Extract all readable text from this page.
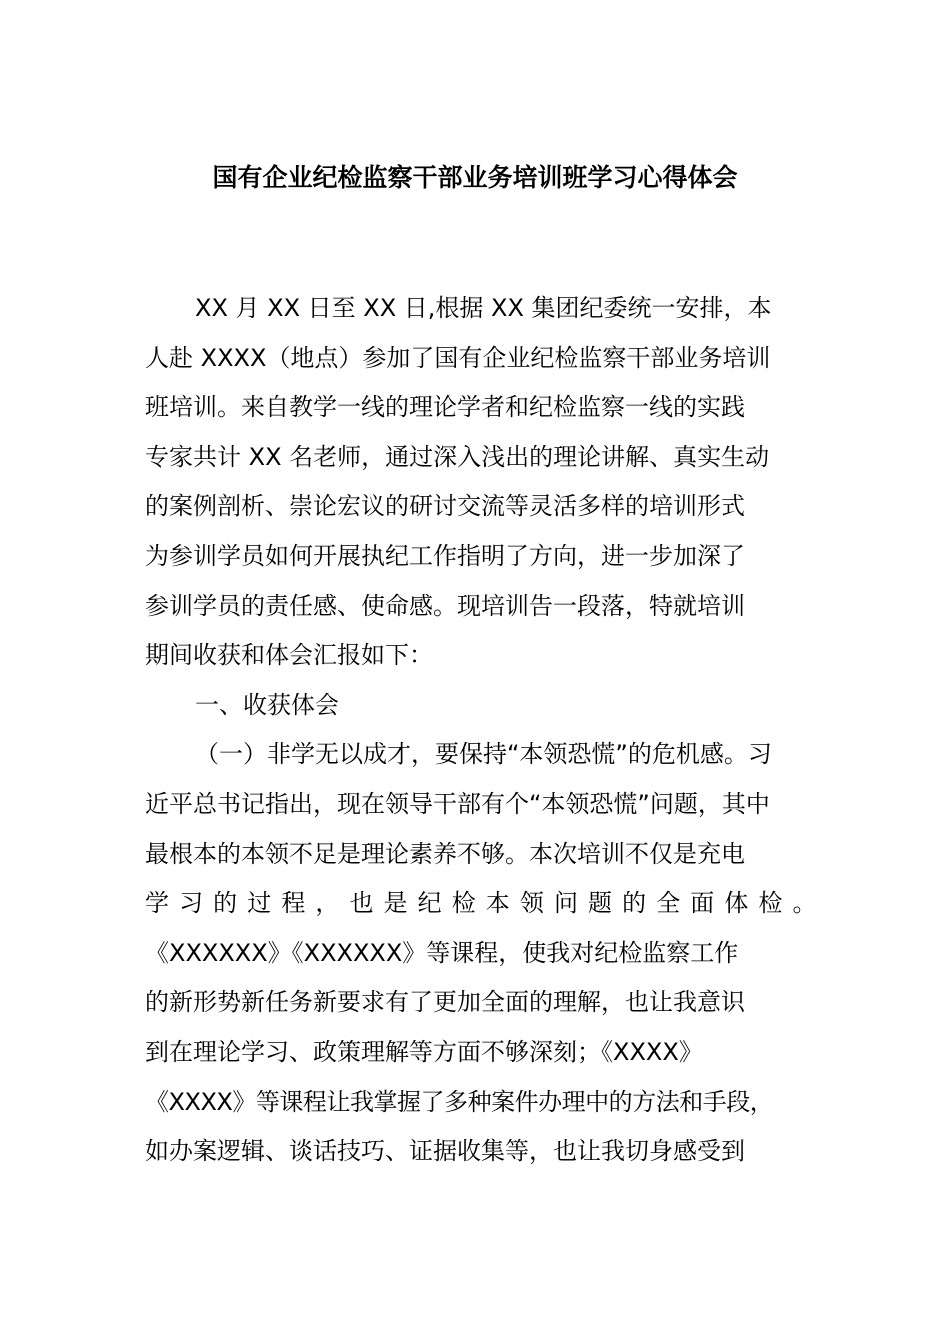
国有企业纪检监察干部业务培训班学习心得体会
XX 月 XX 日至 XX 日,根据 XX 集团纪委统一安排，本
人赴 XXXX（地点）参加了国有企业纪检监察干部业务培训
班培训。来自教学一线的理论学者和纪检监察一线的实践
专家共计 XX 名老师，通过深入浅出的理论讲解、真实生动
的案例剖析、崇论宏议的研讨交流等灵活多样的培训形式
为参训学员如何开展执纪工作指明了方向，进一步加深了
参训学员的责任感、使命感。现培训告一段落，特就培训
期间收获和体会汇报如下：
一、收获体会
（一）非学无以成才，要保持“本领恐慌”的危机感。习
近平总书记指出，现在领导干部有个“本领恐慌”问题，其中
最根本的本领不足是理论素养不够。本次培训不仅是充电
学习的过程，也是纪检本领问题的全面体检。
《XXXXXX》《XXXXXX》等课程，使我对纪检监察工作
的新形势新任务新要求有了更加全面的理解，也让我意识
到在理论学习、政策理解等方面不够深刻；《XXXX》
《XXXX》等课程让我掌握了多种案件办理中的方法和手段，
如办案逻辑、谈话技巧、证据收集等，也让我切身感受到
